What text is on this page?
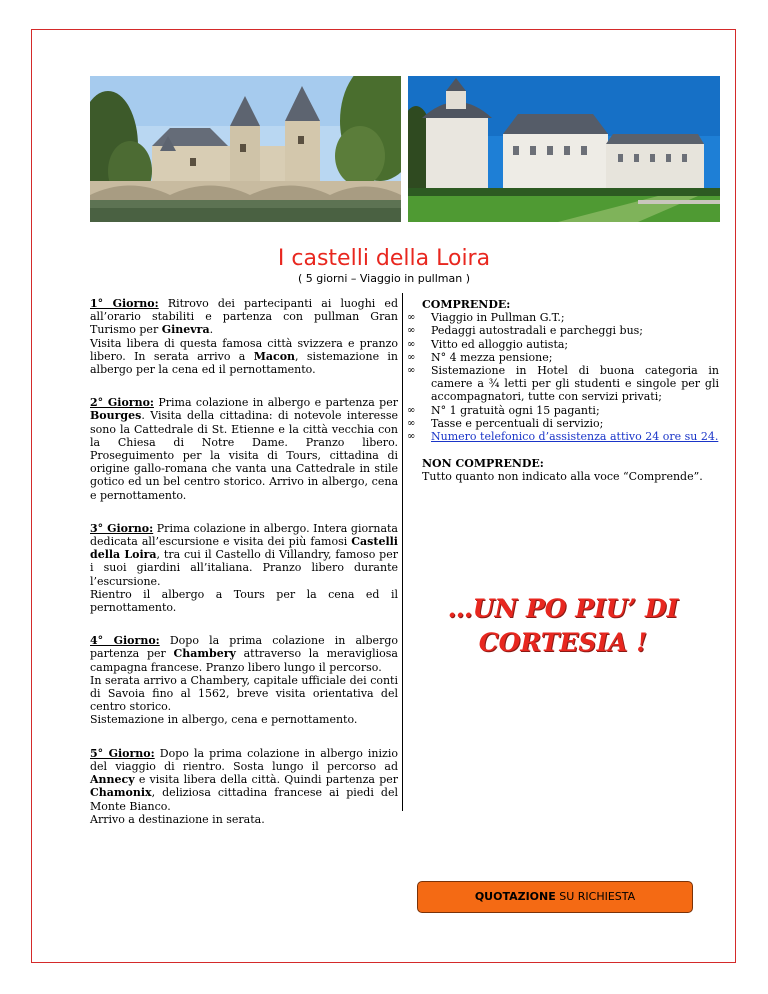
I castelli della Loira
( 5 giorni – Viaggio in pullman )

1° Giorno: Ritrovo dei partecipanti ai luoghi ed all’orario stabiliti e partenza con pullman Gran Turismo per Ginevra.
Visita libera di questa famosa città svizzera e pranzo libero. In serata arrivo a Macon, sistemazione in albergo per la cena ed il pernottamento.

2° Giorno: Prima colazione in albergo e partenza per Bourges. Visita della cittadina: di notevole interesse sono la Cattedrale di St. Etienne e la città vecchia con la Chiesa di Notre Dame. Pranzo libero. Proseguimento per la visita di Tours, cittadina di origine gallo-romana che vanta una Cattedrale in stile gotico ed un bel centro storico. Arrivo in albergo, cena e pernottamento.

3° Giorno: Prima colazione in albergo. Intera giornata dedicata all’escursione e visita dei più famosi Castelli della Loira, tra cui il Castello di Villandry, famoso per i suoi giardini all’italiana. Pranzo libero durante l’escursione.
Rientro il albergo a Tours per la cena ed il pernottamento.

4° Giorno: Dopo la prima colazione in albergo partenza per Chambery attraverso la meravigliosa campagna francese. Pranzo libero lungo il percorso.
In serata arrivo a Chambery, capitale ufficiale dei conti di Savoia fino al 1562, breve visita orientativa del centro storico.
Sistemazione in albergo, cena e pernottamento.

5° Giorno: Dopo la prima colazione in albergo inizio del viaggio di rientro. Sosta lungo il percorso ad Annecy e visita libera della città. Quindi partenza per Chamonix, deliziosa cittadina francese ai piedi del Monte Bianco.
Arrivo a destinazione in serata.

COMPRENDE:
∞ Viaggio in Pullman G.T.;
∞ Pedaggi autostradali e parcheggi bus;
∞ Vitto ed alloggio autista;
∞ N° 4 mezza pensione;
∞ Sistemazione in Hotel di buona categoria in camere a ¾ letti per gli studenti e singole per gli accompagnatori, tutte con servizi privati;
∞ N° 1 gratuità ogni 15 paganti;
∞ Tasse e percentuali di servizio;
∞ Numero telefonico d’assistenza attivo 24 ore su 24.
NON COMPRENDE:
Tutto quanto non indicato alla voce “Comprende”.
…UN PO PIU’ DI
CORTESIA !
QUOTAZIONE SU RICHIESTA
